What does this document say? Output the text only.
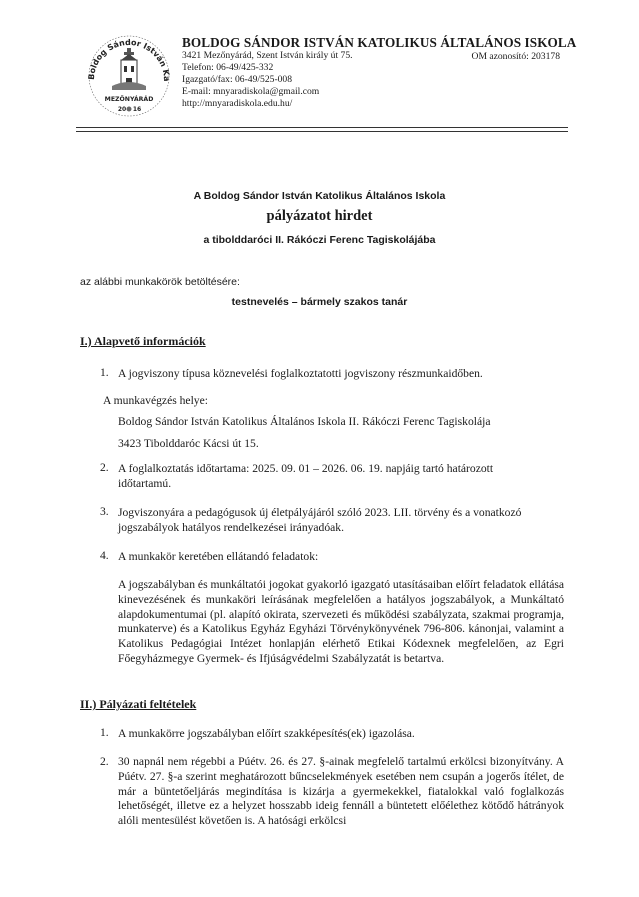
Boldog Sándor István Ka
MEZŐNYÁRÁD
20 16
BOLDOG SÁNDOR ISTVÁN KATOLIKUS ÁLTALÁNOS ISKOLA
3421 Mezőnyárád, Szent István király út 75.	OM azonosító: 203178
Telefon: 06-49/425-332
Igazgató/fax: 06-49/525-008
E-mail: mnyaradiskola@gmail.com
http://mnyaradiskola.edu.hu/
A Boldog Sándor István Katolikus Általános Iskola
pályázatot hirdet
a tibolddaróci II. Rákóczi Ferenc Tagiskolájába
az alábbi munkakörök betöltésére:
testnevelés – bármely szakos tanár
I.) Alapvető információk
1. A jogviszony típusa köznevelési foglalkoztatotti jogviszony részmunkaidőben.
A munkavégzés helye:
Boldog Sándor István Katolikus Általános Iskola II. Rákóczi Ferenc Tagiskolája
3423 Tibolddaróc Kácsi út 15.
2. A foglalkoztatás időtartama: 2025. 09. 01 – 2026. 06. 19. napjáig tartó határozott időtartamú.
3. Jogviszonyára a pedagógusok új életpályájáról szóló 2023. LII. törvény és a vonatkozó jogszabályok hatályos rendelkezései irányadóak.
4. A munkakör keretében ellátandó feladatok:
A jogszabályban és munkáltatói jogokat gyakorló igazgató utasításaiban előírt feladatok ellátása kinevezésének és munkaköri leírásának megfelelően a hatályos jogszabályok, a Munkáltató alapdokumentumai (pl. alapító okirata, szervezeti és működési szabályzata, szakmai programja, munkaterve) és a Katolikus Egyház Egyházi Törvénykönyvének 796-806. kánonjai, valamint a Katolikus Pedagógiai Intézet honlapján elérhető Etikai Kódexnek megfelelően, az Egri Főegyházmegye Gyermek- és Ifjúságvédelmi Szabályzatát is betartva.
II.) Pályázati feltételek
1. A munkakörre jogszabályban előírt szakképesítés(ek) igazolása.
2. 30 napnál nem régebbi a Púétv. 26. és 27. §-ainak megfelelő tartalmú erkölcsi bizonyítvány. A Púétv. 27. §-a szerint meghatározott bűncselekmények esetében nem csupán a jogerős ítélet, de már a büntetőeljárás megindítása is kizárja a gyermekekkel, fiatalokkal való foglalkozás lehetőségét, illetve ez a helyzet hosszabb ideig fennáll a büntetett előélethez kötődő hátrányok alóli mentesülést követően is. A hatósági erkölcsi
